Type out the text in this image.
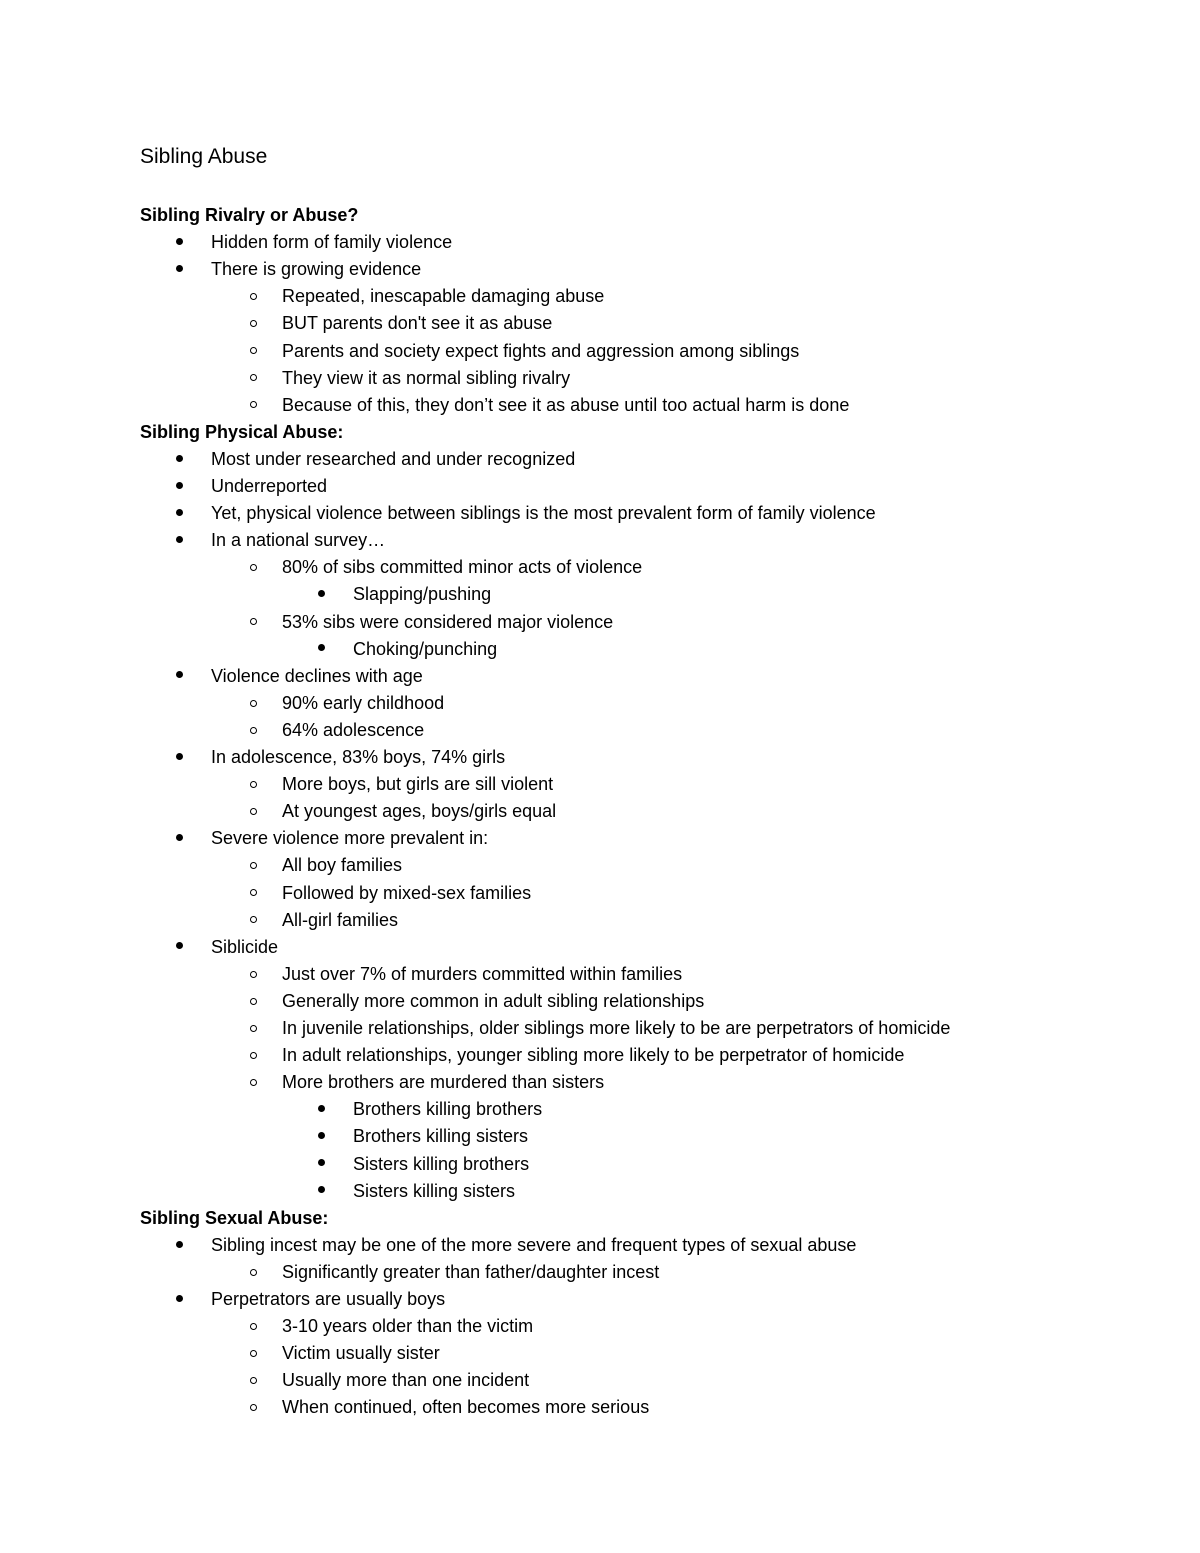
Sibling Abuse
Sibling Rivalry or Abuse?
Hidden form of family violence
There is growing evidence
Repeated, inescapable damaging abuse
BUT parents don't see it as abuse
Parents and society expect fights and aggression among siblings
They view it as normal sibling rivalry
Because of this, they don’t see it as abuse until too actual harm is done
Sibling Physical Abuse:
Most under researched and under recognized
Underreported
Yet, physical violence between siblings is the most prevalent form of family violence
In a national survey…
80% of sibs committed minor acts of violence
Slapping/pushing
53% sibs were considered major violence
Choking/punching
Violence declines with age
90% early childhood
64% adolescence
In adolescence, 83% boys, 74% girls
More boys, but girls are sill violent
At youngest ages, boys/girls equal
Severe violence more prevalent in:
All boy families
Followed by mixed-sex families
All-girl families
Siblicide
Just over 7% of murders committed within families
Generally more common in adult sibling relationships
In juvenile relationships, older siblings more likely to be are perpetrators of homicide
In adult relationships, younger sibling more likely to be perpetrator of homicide
More brothers are murdered than sisters
Brothers killing brothers
Brothers killing sisters
Sisters killing brothers
Sisters killing sisters
Sibling Sexual Abuse:
Sibling incest may be one of the more severe and frequent types of sexual abuse
Significantly greater than father/daughter incest
Perpetrators are usually boys
3-10 years older than the victim
Victim usually sister
Usually more than one incident
When continued, often becomes more serious
